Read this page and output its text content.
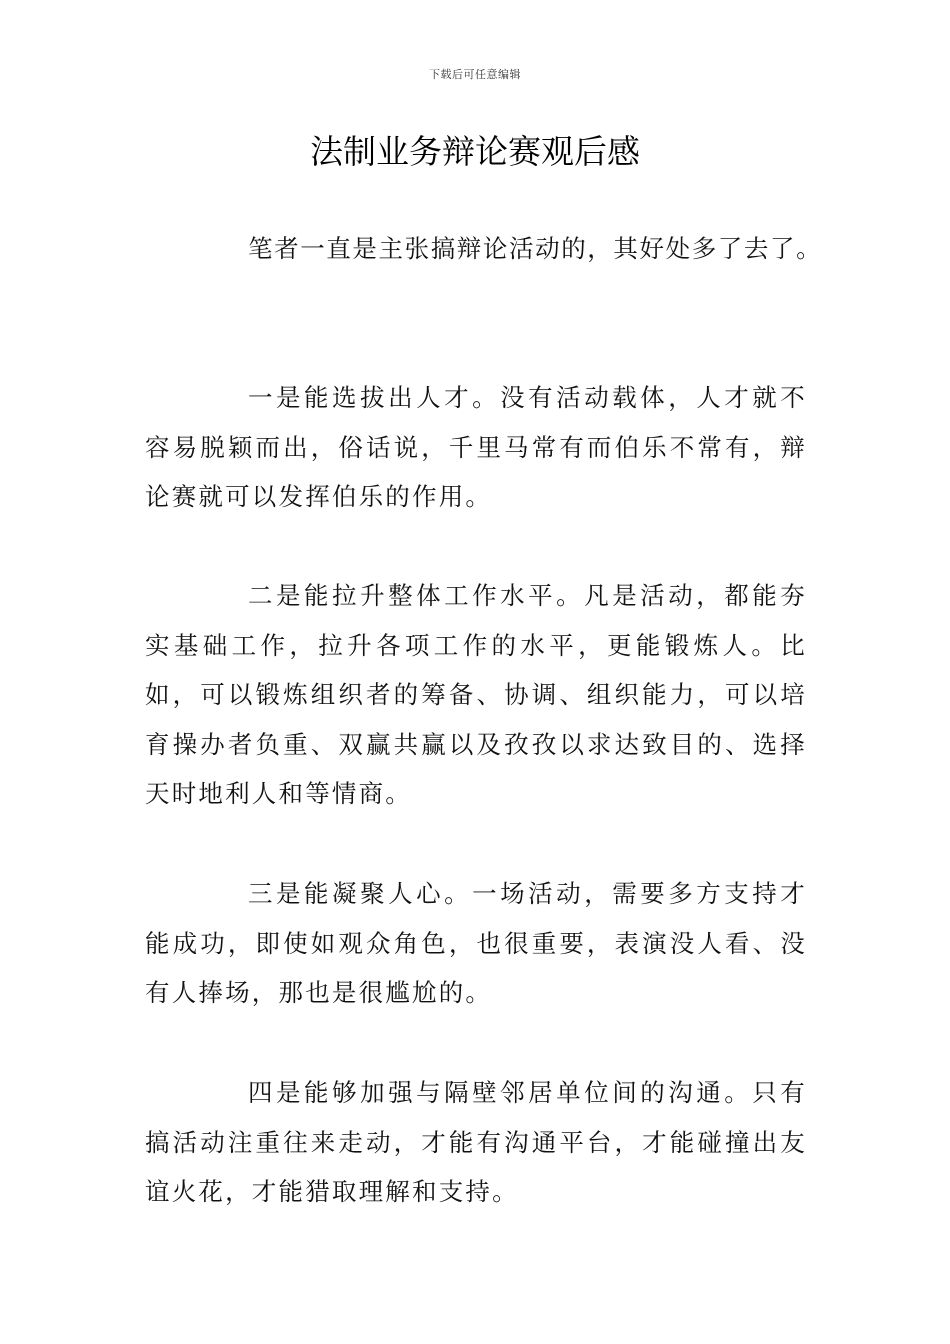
下载后可任意编辑
法制业务辩论赛观后感

笔者一直是主张搞辩论活动的，其好处多了去了。

一是能选拔出人才。没有活动载体，人才就不容易脱颖而出，俗话说，千里马常有而伯乐不常有，辩论赛就可以发挥伯乐的作用。

二是能拉升整体工作水平。凡是活动，都能夯实基础工作，拉升各项工作的水平，更能锻炼人。比如，可以锻炼组织者的筹备、协调、组织能力，可以培育操办者负重、双赢共赢以及孜孜以求达致目的、选择天时地利人和等情商。

三是能凝聚人心。一场活动，需要多方支持才能成功，即使如观众角色，也很重要，表演没人看、没有人捧场，那也是很尴尬的。

四是能够加强与隔壁邻居单位间的沟通。只有搞活动注重往来走动，才能有沟通平台，才能碰撞出友谊火花，才能猎取理解和支持。
